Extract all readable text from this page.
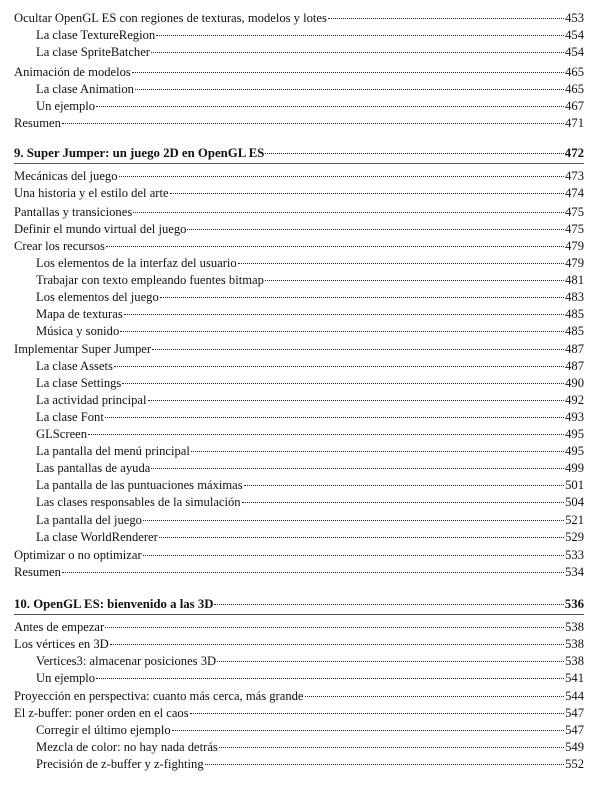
Ocultar OpenGL ES con regiones de texturas, modelos y lotes	453
La clase TextureRegion	454
La clase SpriteBatcher	454
Animación de modelos	465
La clase Animation	465
Un ejemplo	467
Resumen	471
9. Super Jumper: un juego 2D en OpenGL ES	472
Mecánicas del juego	473
Una historia y el estilo del arte	474
Pantallas y transiciones	475
Definir el mundo virtual del juego	475
Crear los recursos	479
Los elementos de la interfaz del usuario	479
Trabajar con texto empleando fuentes bitmap	481
Los elementos del juego	483
Mapa de texturas	485
Música y sonido	485
Implementar Super Jumper	487
La clase Assets	487
La clase Settings	490
La actividad principal	492
La clase Font	493
GLScreen	495
La pantalla del menú principal	495
Las pantallas de ayuda	499
La pantalla de las puntuaciones máximas	501
Las clases responsables de la simulación	504
La pantalla del juego	521
La clase WorldRenderer	529
Optimizar o no optimizar	533
Resumen	534
10. OpenGL ES: bienvenido a las 3D	536
Antes de empezar	538
Los vértices en 3D	538
Vertices3: almacenar posiciones 3D	538
Un ejemplo	541
Proyección en perspectiva: cuanto más cerca, más grande	544
El z-buffer: poner orden en el caos	547
Corregir el último ejemplo	547
Mezcla de color: no hay nada detrás	549
Precisión de z-buffer y z-fighting	552
